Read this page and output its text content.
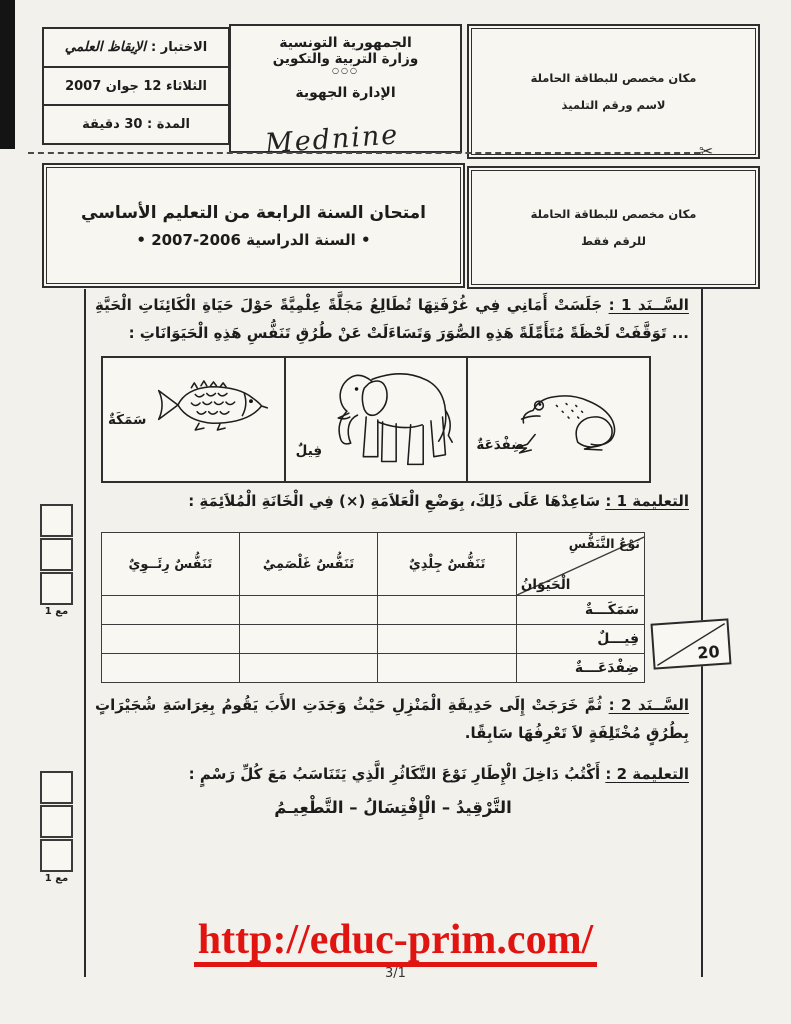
الاختبار :
الإيقاظ العلمي
الثلاثاء 12 جوان 2007
المدة : 30 دقيقة
الجمهورية التونسية
وزارة التربية والتكوين
○○○
الإدارة الجهوية
Mednine
مكان مخصص للبطاقة الحاملة
لاسم ورقم التلميذ
✂
امتحان السنة الرابعة من التعليم الأساسي
• السنة الدراسية 2006-2007 •
مكان مخصص للبطاقة الحاملة
للرقم فقط
السَّــنَد 1 : جَلَسَتْ أَمَانِي فِي غُرْفَتِهَا تُطَالِعُ مَجَلَّةً عِلْمِيَّةً حَوْلَ حَيَاةِ الْكَائِنَاتِ الْحَيَّةِ ... تَوَقَّفَتْ لَحْظَةً مُتَأَمِّلَةً هَذِهِ الصُّوَرَ وَتَسَاءَلَتْ عَنْ طُرُقِ تَنَفُّسِ هَذِهِ الْحَيَوَانَاتِ :
سَمَكَةٌ
فِيلٌ	ضِفْدَعَةٌ
التعليمة 1 : سَاعِدْهَا عَلَى ذَلِكَ، بِوَضْعِ الْعَلاَمَةِ (×) فِي الْخَانَةِ الْمُلاَئِمَةِ :
نَوْعُ التَّنَفُّسِ
الْحَيَوَانُ	تَنَفُّسٌ جِلْدِيٌ	تَنَفُّسٌ غَلْصَمِيٌ	تَنَفُّسٌ رِئَــوِيٌ
سَمَكَـــةٌ			
فِيـــلٌ			
ضِفْدَعَـــةٌ			
السَّــنَد 2 : ثُمَّ خَرَجَتْ إِلَى حَدِيقَةِ الْمَنْزِلِ حَيْثُ وَجَدَتِ الأَبَ يَقُومُ بِغِرَاسَةِ شُجَيْرَاتٍ بِطُرُقٍ مُخْتَلِفَةٍ لاَ تَعْرِفُهَا سَابِقًا.
التعليمة 2 : أَكْتُبُ دَاخِلَ الْإِطَارِ نَوْعَ التَّكَاثُرِ الَّذِي يَتَنَاسَبُ مَعَ كُلِّ رَسْمٍ :
التَّرْقِيدُ – الْإِفْتِسَالُ – التَّطْعِيـمُ
20
مع 1
مع 1
http://educ-prim.com/
3/1
